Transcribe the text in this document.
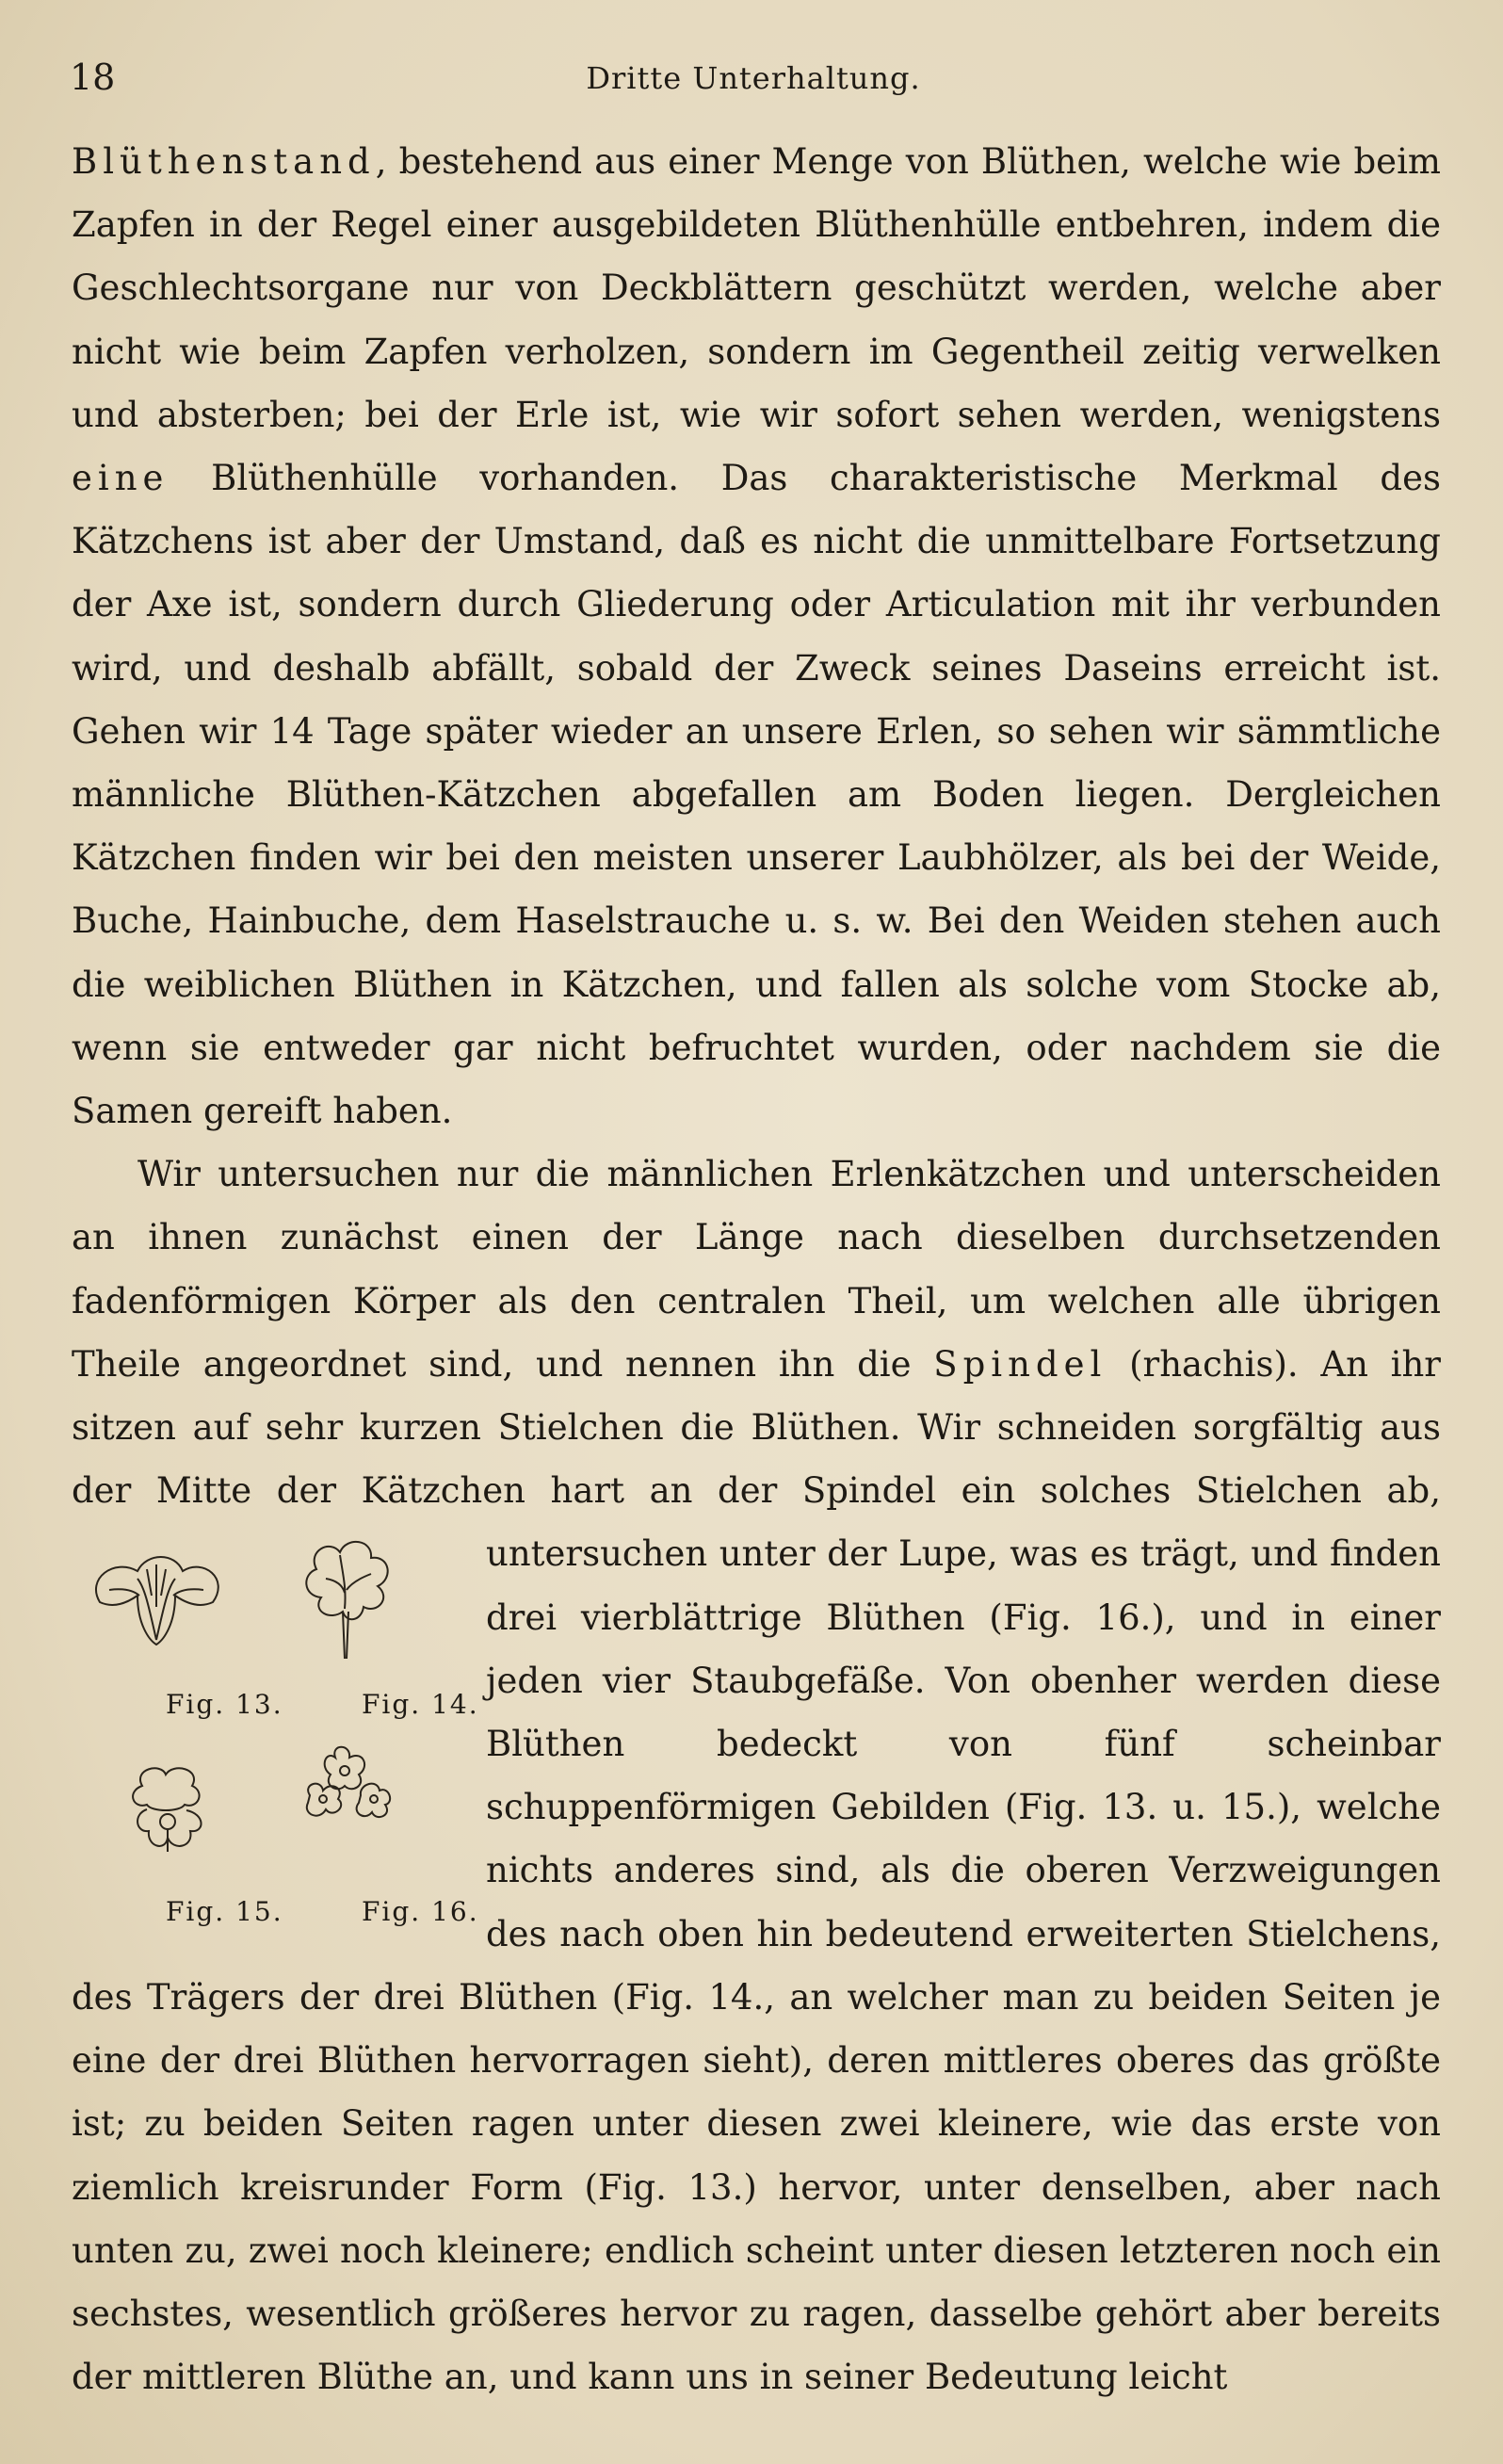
18	Dritte Unterhaltung.

Blüthenstand, bestehend aus einer Menge von Blüthen, welche wie beim Zapfen in der Regel einer ausgebildeten Blüthenhülle entbehren, indem die Geschlechtsorgane nur von Deckblättern geschützt werden, welche aber nicht wie beim Zapfen verholzen, sondern im Gegentheil zeitig verwelken und absterben; bei der Erle ist, wie wir sofort sehen werden, wenigstens eine Blüthenhülle vorhanden. Das charakteristische Merkmal des Kätzchens ist aber der Umstand, daß es nicht die unmittelbare Fortsetzung der Axe ist, sondern durch Gliederung oder Articulation mit ihr verbunden wird, und deshalb abfällt, sobald der Zweck seines Daseins erreicht ist. Gehen wir 14 Tage später wieder an unsere Erlen, so sehen wir sämmtliche männliche Blüthen-Kätzchen abgefallen am Boden liegen. Dergleichen Kätzchen finden wir bei den meisten unserer Laubhölzer, als bei der Weide, Buche, Hainbuche, dem Haselstrauche u. s. w. Bei den Weiden stehen auch die weiblichen Blüthen in Kätzchen, und fallen als solche vom Stocke ab, wenn sie entweder gar nicht befruchtet wurden, oder nachdem sie die Samen gereift haben.

Wir untersuchen nur die männlichen Erlenkätzchen und unterscheiden an ihnen zunächst einen der Länge nach dieselben durchsetzenden fadenförmigen Körper als den centralen Theil, um welchen alle übrigen Theile angeordnet sind, und nennen ihn die Spindel (rhachis). An ihr sitzen auf sehr kurzen Stielchen die Blüthen. Wir schneiden sorgfältig aus der Mitte der Kätzchen hart an der Spindel ein solches Stielchen ab, untersuchen unter der Lupe, was es trägt,
Fig. 13.	Fig. 14.
Fig. 15.	Fig. 16.
und finden drei vierblättrige Blüthen (Fig. 16.), und in einer jeden vier Staubgefäße. Von obenher werden diese Blüthen bedeckt von fünf scheinbar schuppenförmigen Gebilden (Fig. 13. u. 15.), welche nichts anderes sind, als die oberen Verzweigungen des nach oben hin bedeutend erweiterten Stielchens, des Trägers der drei Blüthen (Fig. 14., an welcher man zu beiden Seiten je eine der drei Blüthen hervorragen sieht), deren mittleres oberes das größte ist; zu beiden Seiten ragen unter diesen zwei kleinere, wie das erste von ziemlich kreisrunder Form (Fig. 13.) hervor, unter denselben, aber nach unten zu, zwei noch kleinere; endlich scheint unter diesen letzteren noch ein sechstes, wesentlich größeres hervor zu ragen, dasselbe gehört aber bereits der mittleren Blüthe an, und kann uns in seiner Bedeutung leicht
